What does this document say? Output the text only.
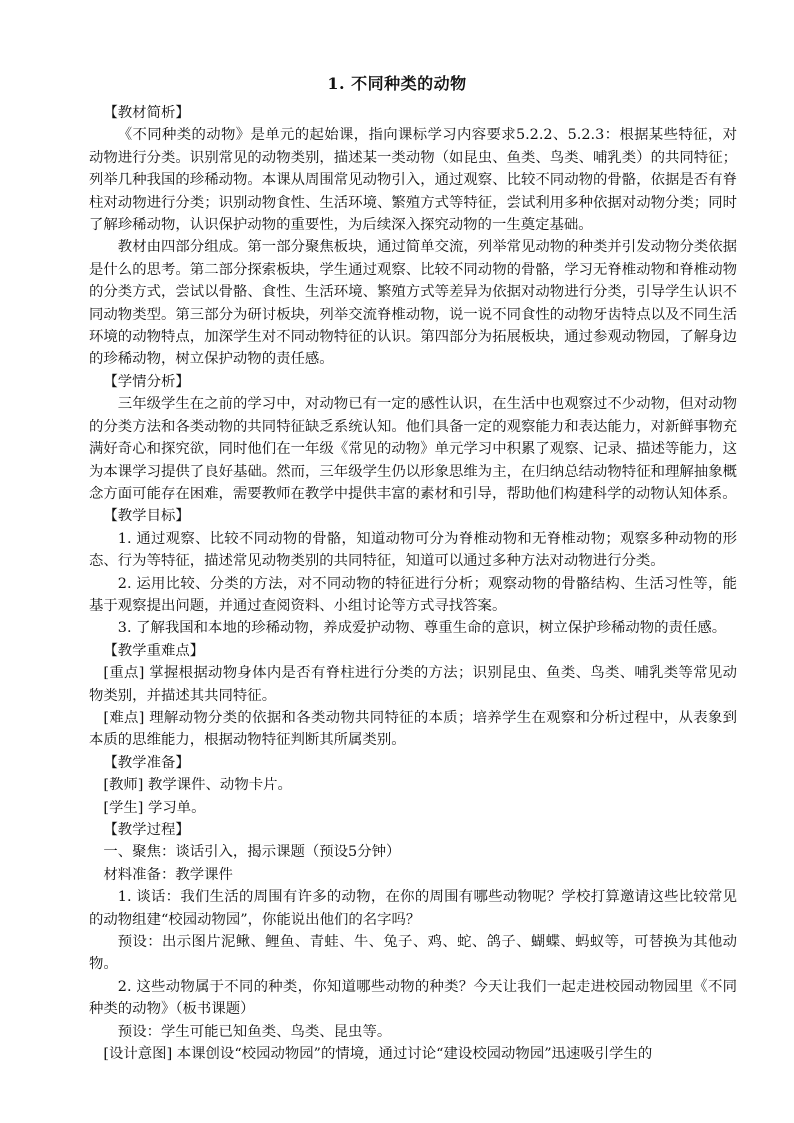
1. 不同种类的动物

【教材简析】

《不同种类的动物》是单元的起始课，指向课标学习内容要求5.2.2、5.2.3：根据某些特征，对动物进行分类。识别常见的动物类别，描述某一类动物（如昆虫、鱼类、鸟类、哺乳类）的共同特征；列举几种我国的珍稀动物。本课从周围常见动物引入，通过观察、比较不同动物的骨骼，依据是否有脊柱对动物进行分类；识别动物食性、生活环境、繁殖方式等特征，尝试利用多种依据对动物分类；同时了解珍稀动物，认识保护动物的重要性，为后续深入探究动物的一生奠定基础。

教材由四部分组成。第一部分聚焦板块，通过简单交流，列举常见动物的种类并引发动物分类依据是什么的思考。第二部分探索板块，学生通过观察、比较不同动物的骨骼，学习无脊椎动物和脊椎动物的分类方式，尝试以骨骼、食性、生活环境、繁殖方式等差异为依据对动物进行分类，引导学生认识不同动物类型。第三部分为研讨板块，列举交流脊椎动物，说一说不同食性的动物牙齿特点以及不同生活环境的动物特点，加深学生对不同动物特征的认识。第四部分为拓展板块，通过参观动物园，了解身边的珍稀动物，树立保护动物的责任感。

【学情分析】

三年级学生在之前的学习中，对动物已有一定的感性认识，在生活中也观察过不少动物，但对动物的分类方法和各类动物的共同特征缺乏系统认知。他们具备一定的观察能力和表达能力，对新鲜事物充满好奇心和探究欲，同时他们在一年级《常见的动物》单元学习中积累了观察、记录、描述等能力，这为本课学习提供了良好基础。然而，三年级学生仍以形象思维为主，在归纳总结动物特征和理解抽象概念方面可能存在困难，需要教师在教学中提供丰富的素材和引导，帮助他们构建科学的动物认知体系。

【教学目标】

1. 通过观察、比较不同动物的骨骼，知道动物可分为脊椎动物和无脊椎动物；观察多种动物的形态、行为等特征，描述常见动物类别的共同特征，知道可以通过多种方法对动物进行分类。

2. 运用比较、分类的方法，对不同动物的特征进行分析；观察动物的骨骼结构、生活习性等，能基于观察提出问题，并通过查阅资料、小组讨论等方式寻找答案。

3. 了解我国和本地的珍稀动物，养成爱护动物、尊重生命的意识，树立保护珍稀动物的责任感。

【教学重难点】

[重点] 掌握根据动物身体内是否有脊柱进行分类的方法；识别昆虫、鱼类、鸟类、哺乳类等常见动物类别，并描述其共同特征。

[难点] 理解动物分类的依据和各类动物共同特征的本质；培养学生在观察和分析过程中，从表象到本质的思维能力，根据动物特征判断其所属类别。

【教学准备】

[教师] 教学课件、动物卡片。

[学生] 学习单。

【教学过程】

一、聚焦：谈话引入，揭示课题（预设5分钟）

材料准备：教学课件

1. 谈话：我们生活的周围有许多的动物，在你的周围有哪些动物呢？学校打算邀请这些比较常见的动物组建“校园动物园”，你能说出他们的名字吗？

预设：出示图片泥鳅、鲤鱼、青蛙、牛、兔子、鸡、蛇、鸽子、蝴蝶、蚂蚁等，可替换为其他动物。

2. 这些动物属于不同的种类，你知道哪些动物的种类？今天让我们一起走进校园动物园里《不同种类的动物》（板书课题）

预设：学生可能已知鱼类、鸟类、昆虫等。

[设计意图] 本课创设“校园动物园”的情境，通过讨论“建设校园动物园”迅速吸引学生的
